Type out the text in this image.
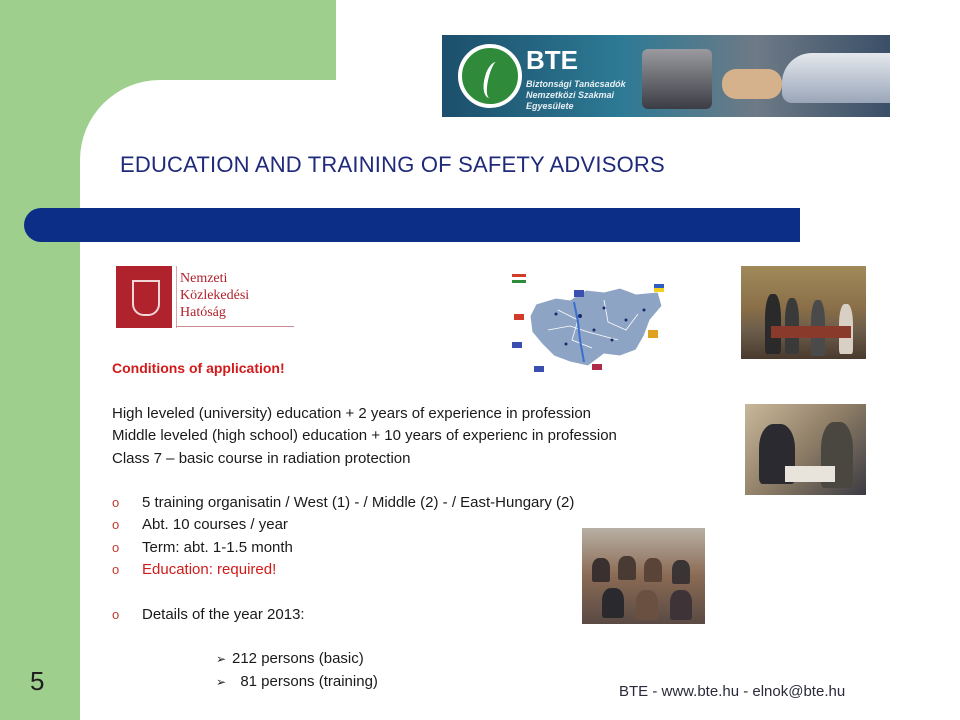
5
BTE
Biztonsági Tanácsadók
Nemzetközi Szakmai
Egyesülete
EDUCATION AND TRAINING OF SAFETY ADVISORS
Nemzeti
Közlekedési
Hatóság
Conditions of application!
High leveled (university) education + 2 years of experience in profession
Middle leveled (high school) education + 10 years of experienc in profession
Class 7 – basic course in radiation protection
o 5 training organisatin / West (1) - / Middle (2) - / East-Hungary (2)
o Abt. 10 courses / year
o Term: abt. 1-1.5 month
o Education: required!
o Details of the year 2013:
➢ 212 persons (basic)
➢  81 persons (training)
BTE - www.bte.hu - elnok@bte.hu
